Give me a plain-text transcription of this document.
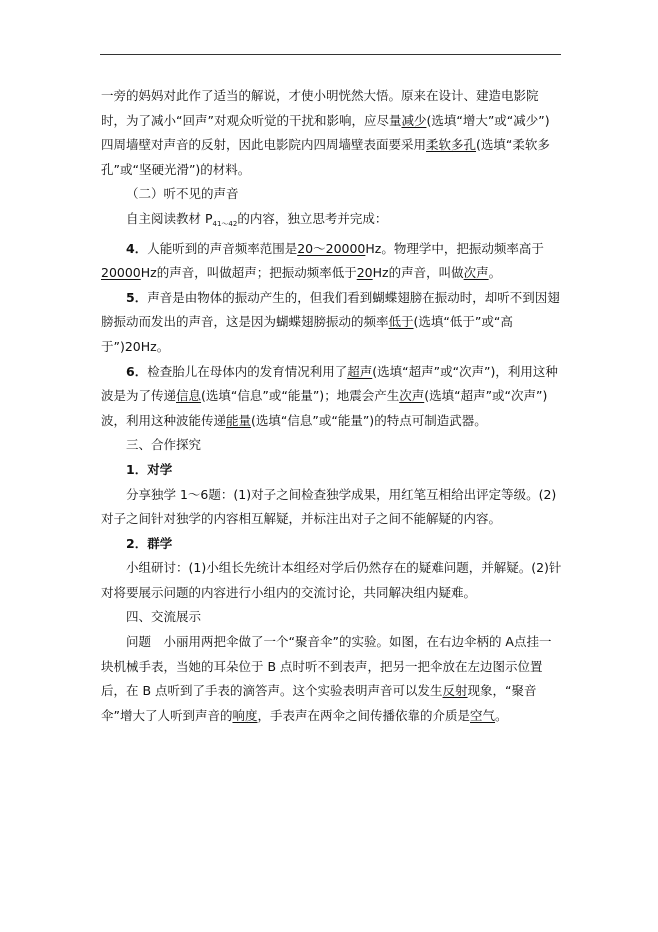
一旁的妈妈对此作了适当的解说，才使小明恍然大悟。原来在设计、建造电影院时，为了减小“回声”对观众听觉的干扰和影响，应尽量减少(选填“增大”或“减少”)四周墙壁对声音的反射，因此电影院内四周墙壁表面要采用柔软多孔(选填“柔软多孔”或“坚硬光滑”)的材料。

（二）听不见的声音

自主阅读教材 $P_{41\sim 42}$的内容，独立思考并完成：

4．人能听到的声音频率范围是20～20000Hz。物理学中，把振动频率高于20000Hz的声音，叫做超声；把振动频率低于20Hz的声音，叫做次声。

5．声音是由物体的振动产生的，但我们看到蝴蝶翅膀在振动时，却听不到因翅膀振动而发出的声音，这是因为蝴蝶翅膀振动的频率低于(选填“低于”或“高于”)20Hz。

6．检查胎儿在母体内的发育情况利用了超声(选填“超声”或“次声”)，利用这种波是为了传递信息(选填“信息”或“能量”)；地震会产生次声(选填“超声”或“次声”)波，利用这种波能传递能量(选填“信息”或“能量”)的特点可制造武器。

三、合作探究

1．对学

分享独学 1～6题：(1)对子之间检查独学成果，用红笔互相给出评定等级。(2)对子之间针对独学的内容相互解疑，并标注出对子之间不能解疑的内容。

2．群学

小组研讨：(1)小组长先统计本组经对学后仍然存在的疑难问题，并解疑。(2)针对将要展示问题的内容进行小组内的交流讨论，共同解决组内疑难。

四、交流展示

问题　小丽用两把伞做了一个“聚音伞”的实验。如图，在右边伞柄的 A点挂一块机械手表，当她的耳朵位于 B 点时听不到表声，把另一把伞放在左边图示位置后，在 B 点听到了手表的滴答声。这个实验表明声音可以发生反射现象，“聚音伞”增大了人听到声音的响度，手表声在两伞之间传播依靠的介质是空气。
